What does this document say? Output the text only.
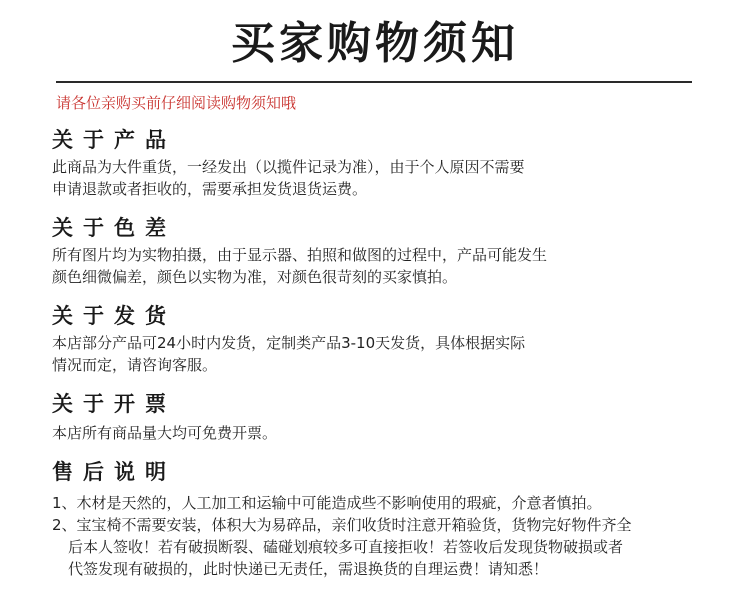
买家购物须知
请各位亲购买前仔细阅读购物须知哦
关于产品
此商品为大件重货，一经发出（以揽件记录为准），由于个人原因不需要
申请退款或者拒收的，需要承担发货退货运费。
关于色差
所有图片均为实物拍摄，由于显示器、拍照和做图的过程中，产品可能发生
颜色细微偏差，颜色以实物为准，对颜色很苛刻的买家慎拍。
关于发货
本店部分产品可24小时内发货，定制类产品3-10天发货，具体根据实际
情况而定，请咨询客服。
关于开票
本店所有商品量大均可免费开票。
售后说明
1、木材是天然的，人工加工和运输中可能造成些不影响使用的瑕疵，介意者慎拍。
2、宝宝椅不需要安装，体积大为易碎品，亲们收货时注意开箱验货，货物完好物件齐全
后本人签收！若有破损断裂、磕碰划痕较多可直接拒收！若签收后发现货物破损或者
代签发现有破损的，此时快递已无责任，需退换货的自理运费！请知悉！
